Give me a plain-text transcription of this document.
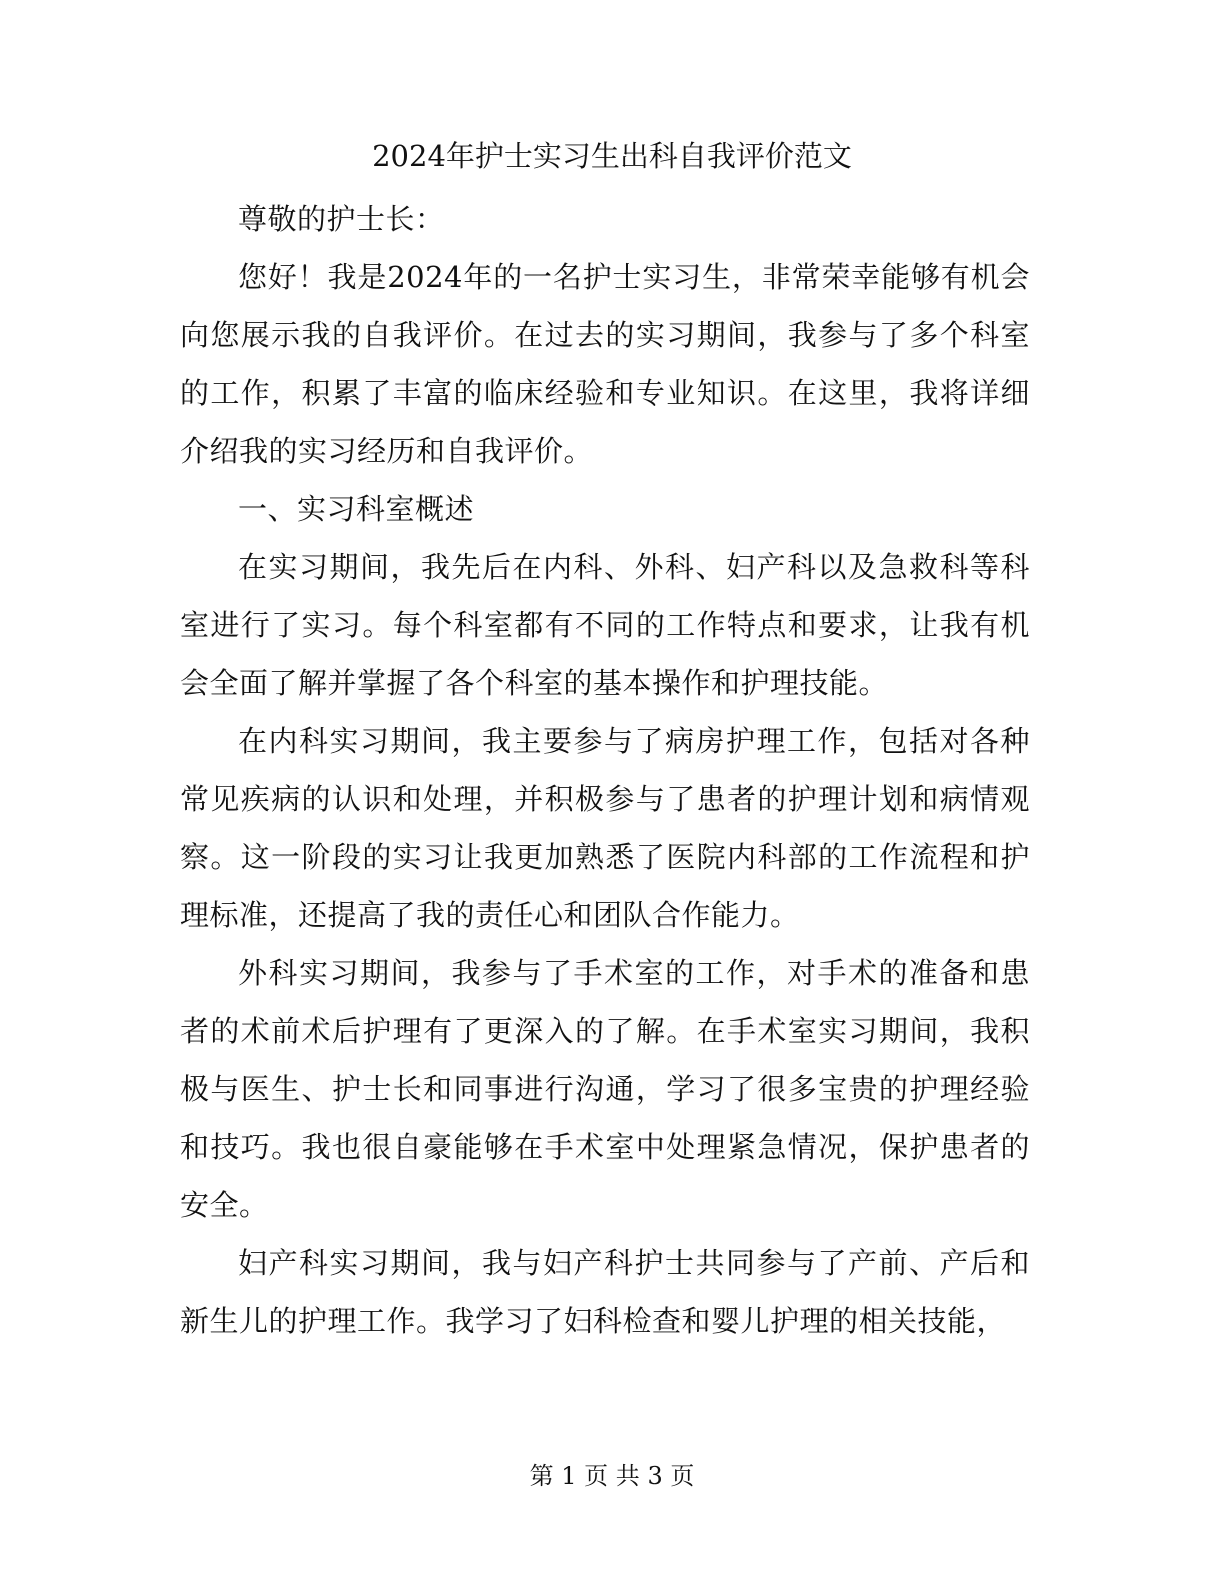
2024年护士实习生出科自我评价范文

尊敬的护士长：

您好！我是2024年的一名护士实习生，非常荣幸能够有机会向您展示我的自我评价。在过去的实习期间，我参与了多个科室的工作，积累了丰富的临床经验和专业知识。在这里，我将详细介绍我的实习经历和自我评价。

一、实习科室概述

在实习期间，我先后在内科、外科、妇产科以及急救科等科室进行了实习。每个科室都有不同的工作特点和要求，让我有机会全面了解并掌握了各个科室的基本操作和护理技能。

在内科实习期间，我主要参与了病房护理工作，包括对各种常见疾病的认识和处理，并积极参与了患者的护理计划和病情观察。这一阶段的实习让我更加熟悉了医院内科部的工作流程和护理标准，还提高了我的责任心和团队合作能力。

外科实习期间，我参与了手术室的工作，对手术的准备和患者的术前术后护理有了更深入的了解。在手术室实习期间，我积极与医生、护士长和同事进行沟通，学习了很多宝贵的护理经验和技巧。我也很自豪能够在手术室中处理紧急情况，保护患者的安全。

妇产科实习期间，我与妇产科护士共同参与了产前、产后和新生儿的护理工作。我学习了妇科检查和婴儿护理的相关技能，

第 1 页 共 3 页
